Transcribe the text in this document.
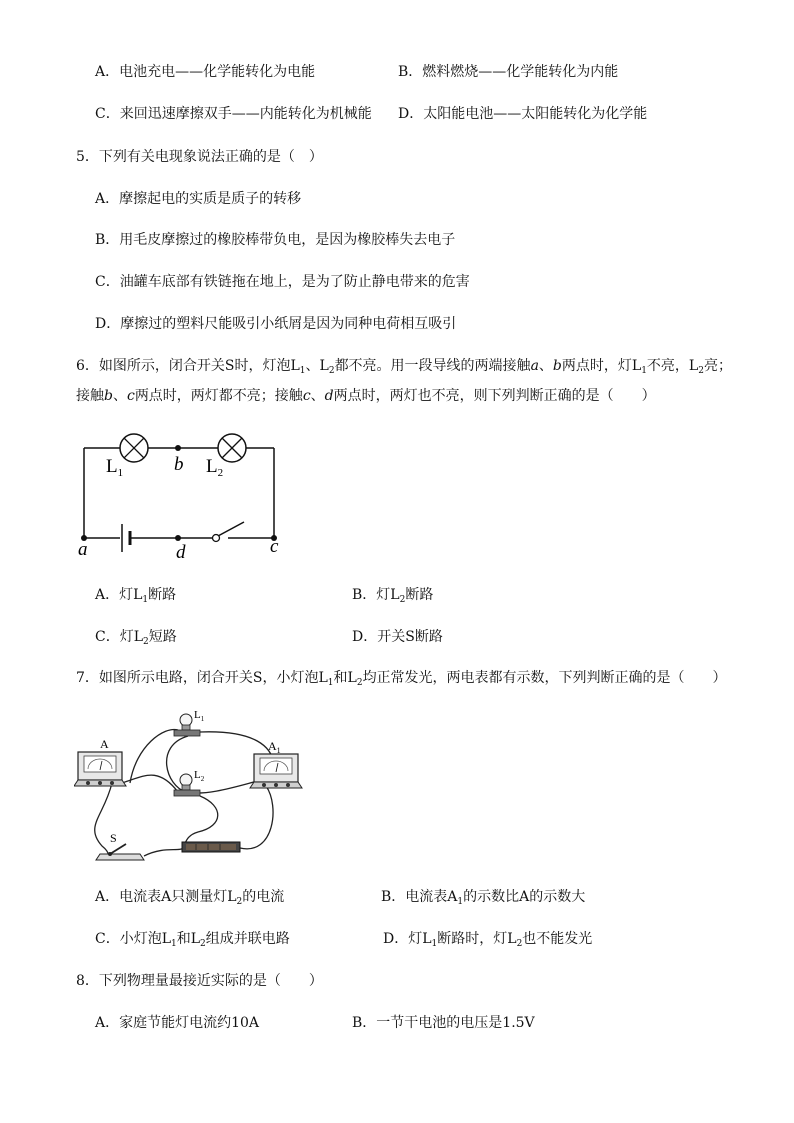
A．电池充电——化学能转化为电能	B．燃料燃烧——化学能转化为内能
C．来回迅速摩擦双手——内能转化为机械能 D．太阳能电池——太阳能转化为化学能
5．下列有关电现象说法正确的是（　）
A．摩擦起电的实质是质子的转移
B．用毛皮摩擦过的橡胶棒带负电，是因为橡胶棒失去电子
C．油罐车底部有铁链拖在地上，是为了防止静电带来的危害
D．摩擦过的塑料尺能吸引小纸屑是因为同种电荷相互吸引
6．如图所示，闭合开关S时，灯泡$L_1$、$L_2$都不亮。用一段导线的两端接触a、b两点时，灯$L_1$不亮，$L_2$亮；
接触b、c两点时，两灯都不亮；接触c、d两点时，两灯也不亮，则下列判断正确的是（　　）
$L_1$	$L_2$
b
a	d	c
A．灯$L_1$断路	B．灯$L_2$断路
C．灯$L_2$短路	D．开关S断路
7．如图所示电路，闭合开关S，小灯泡$L_1$和$L_2$均正常发光，两电表都有示数，下列判断正确的是（　　）
A	$A_1$
$L_1$
$L_2$
S
A．电流表A只测量灯$L_2$的电流	B．电流表$A_1$的示数比A的示数大
C．小灯泡$L_1$和$L_2$组成并联电路	D．灯$L_1$断路时，灯$L_2$也不能发光
8．下列物理量最接近实际的是（　　）
A．家庭节能灯电流约10A	B．一节干电池的电压是1.5V
